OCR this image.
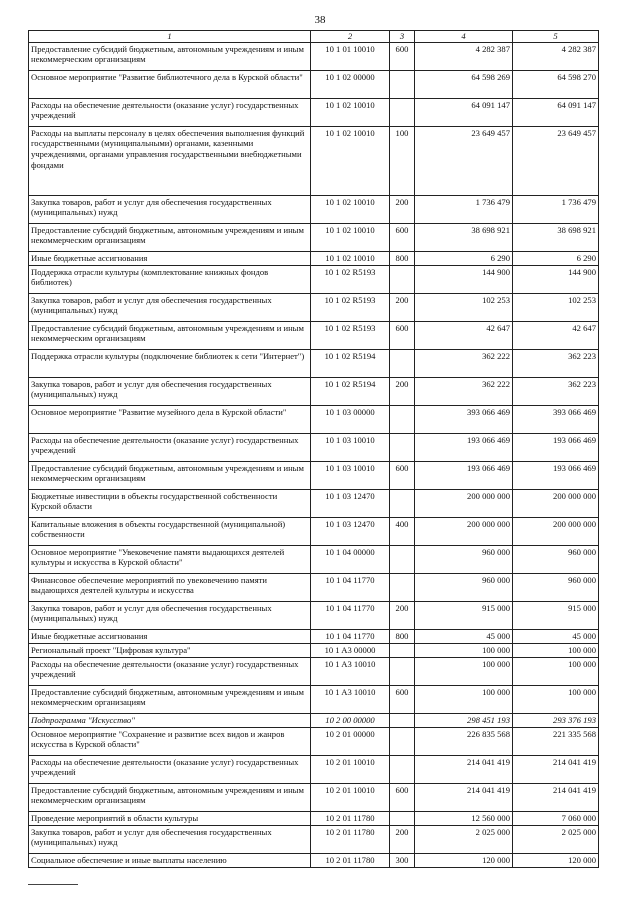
38
1	2	3	4	5
Предоставление субсидий бюджетным, автономным учреждениям и иным некоммерческим организациям	10 1 01 10010	600	4 282 387	4 282 387
Основное мероприятие "Развитие библиотечного дела в Курской области"	10 1 02 00000		64 598 269	64 598 270
Расходы на обеспечение деятельности (оказание услуг) государственных учреждений	10 1 02 10010		64 091 147	64 091 147
Расходы на выплаты персоналу в целях обеспечения выполнения функций государственными (муниципальными) органами, казенными учреждениями, органами управления государственными внебюджетными фондами	10 1 02 10010	100	23 649 457	23 649 457
Закупка товаров, работ и услуг для обеспечения государственных (муниципальных) нужд	10 1 02 10010	200	1 736 479	1 736 479
Предоставление субсидий бюджетным, автономным учреждениям и иным некоммерческим организациям	10 1 02 10010	600	38 698 921	38 698 921
Иные бюджетные ассигнования	10 1 02 10010	800	6 290	6 290
Поддержка отрасли культуры (комплектование книжных фондов библиотек)	10 1 02 R5193		144 900	144 900
Закупка товаров, работ и услуг для обеспечения государственных (муниципальных) нужд	10 1 02 R5193	200	102 253	102 253
Предоставление субсидий бюджетным, автономным учреждениям и иным некоммерческим организациям	10 1 02 R5193	600	42 647	42 647
Поддержка отрасли культуры (подключение библиотек к сети "Интернет")	10 1 02 R5194		362 222	362 223
Закупка товаров, работ и услуг для обеспечения государственных (муниципальных) нужд	10 1 02 R5194	200	362 222	362 223
Основное мероприятие "Развитие музейного дела в Курской области"	10 1 03 00000		393 066 469	393 066 469
Расходы на обеспечение деятельности (оказание услуг) государственных учреждений	10 1 03 10010		193 066 469	193 066 469
Предоставление субсидий бюджетным, автономным учреждениям и иным некоммерческим организациям	10 1 03 10010	600	193 066 469	193 066 469
Бюджетные инвестиции в объекты государственной собственности Курской области	10 1 03 12470		200 000 000	200 000 000
Капитальные вложения в объекты государственной (муниципальной) собственности	10 1 03 12470	400	200 000 000	200 000 000
Основное мероприятие "Увековечение памяти выдающихся деятелей культуры и искусства в Курской области"	10 1 04 00000		960 000	960 000
Финансовое обеспечение мероприятий по увековечению памяти выдающихся деятелей культуры и искусства	10 1 04 11770		960 000	960 000
Закупка товаров, работ и услуг для обеспечения государственных (муниципальных) нужд	10 1 04 11770	200	915 000	915 000
Иные бюджетные ассигнования	10 1 04 11770	800	45 000	45 000
Региональный проект "Цифровая культура"	10 1 A3 00000		100 000	100 000
Расходы на обеспечение деятельности (оказание услуг) государственных учреждений	10 1 A3 10010		100 000	100 000
Предоставление субсидий бюджетным, автономным учреждениям и иным некоммерческим организациям	10 1 A3 10010	600	100 000	100 000
Подпрограмма "Искусство"	10 2 00 00000		298 451 193	293 376 193
Основное мероприятие "Сохранение и развитие всех видов и жанров искусства в Курской области"	10 2 01 00000		226 835 568	221 335 568
Расходы на обеспечение деятельности (оказание услуг) государственных учреждений	10 2 01 10010		214 041 419	214 041 419
Предоставление субсидий бюджетным, автономным учреждениям и иным некоммерческим организациям	10 2 01 10010	600	214 041 419	214 041 419
Проведение мероприятий в области культуры	10 2 01 11780		12 560 000	7 060 000
Закупка товаров, работ и услуг для обеспечения государственных (муниципальных) нужд	10 2 01 11780	200	2 025 000	2 025 000
Социальное обеспечение и иные выплаты населению	10 2 01 11780	300	120 000	120 000
